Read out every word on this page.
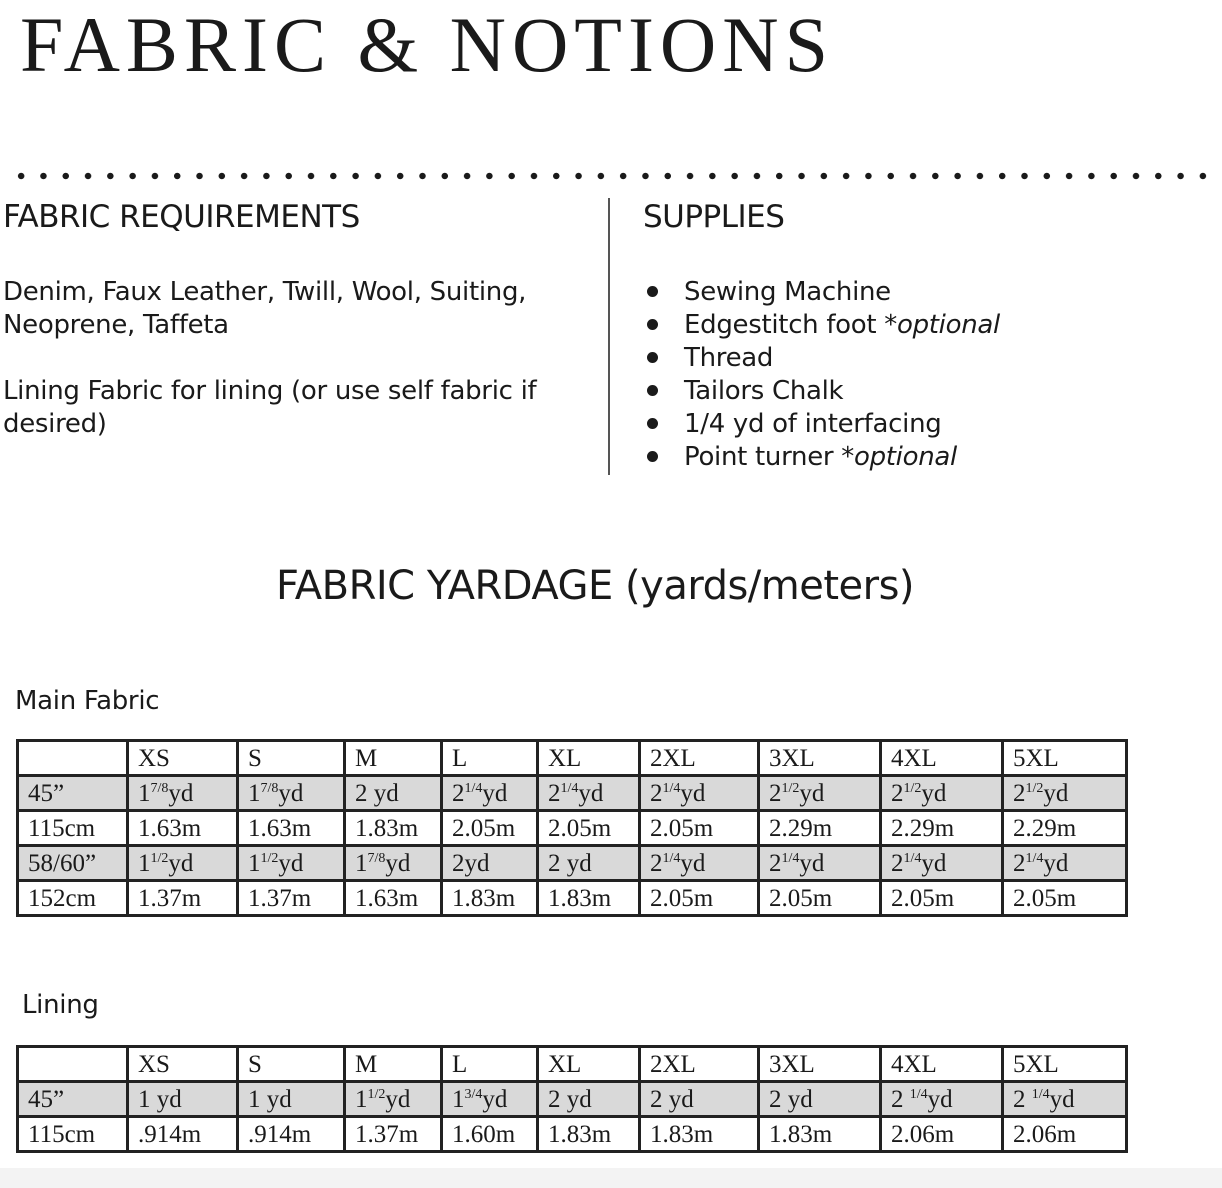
FABRIC & NOTIONS
FABRIC REQUIREMENTS

Denim, Faux Leather, Twill, Wool, Suiting,

Neoprene, Taffeta

Lining Fabric for lining (or use self fabric if

desired)

SUPPLIES
Sewing Machine
Edgestitch foot *optional
Thread
Tailors Chalk
1/4 yd of interfacing
Point turner *optional
FABRIC YARDAGE (yards/meters)
Main Fabric
	XS	S	M	L	XL	2XL	3XL	4XL	5XL
45”	$1^{7/8}yd$	$1^{7/8}yd$	2 yd	$2^{1/4}yd$	$2^{1/4}yd$	$2^{1/4}yd$	$2^{1/2}yd$	$2^{1/2}yd$	$2^{1/2}yd$
115cm	1.63m	1.63m	1.83m	2.05m	2.05m	2.05m	2.29m	2.29m	2.29m
58/60”	$1^{1/2}yd$	$1^{1/2}yd$	$1^{7/8}yd$	2yd	2 yd	$2^{1/4}yd$	$2^{1/4}yd$	$2^{1/4}yd$	$2^{1/4}yd$
152cm	1.37m	1.37m	1.63m	1.83m	1.83m	2.05m	2.05m	2.05m	2.05m
Lining
	XS	S	M	L	XL	2XL	3XL	4XL	5XL
45”	1 yd	1 yd	$1^{1/2}yd$	$1^{3/4}yd$	2 yd	2 yd	2 yd	2 $^{1/4}$yd	2 $^{1/4}$yd
115cm	.914m	.914m	1.37m	1.60m	1.83m	1.83m	1.83m	2.06m	2.06m
